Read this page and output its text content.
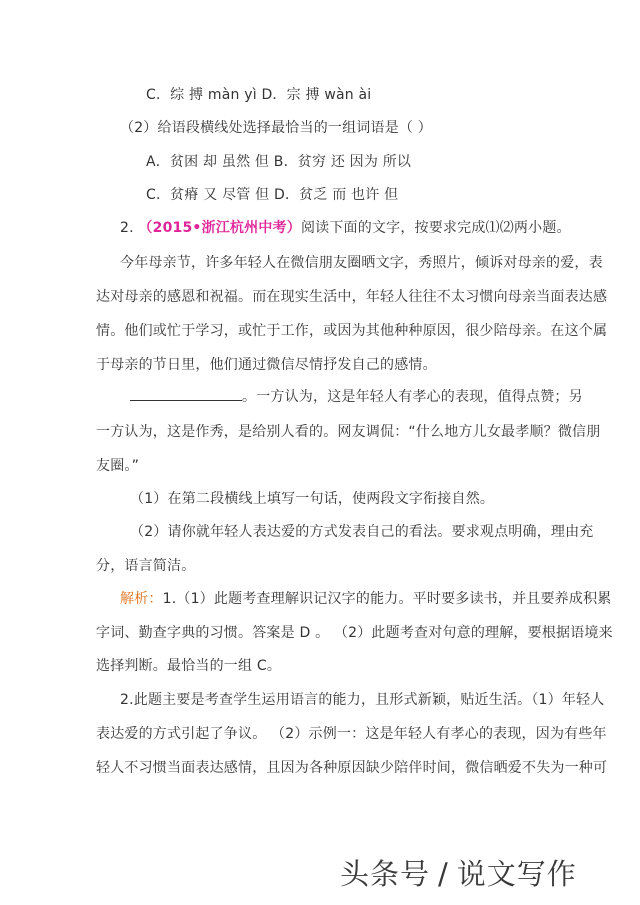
C．综 搏 màn yì D．宗 搏 wàn ài
（2）给语段横线处选择最恰当的一组词语是（ ）
A．贫困 却 虽然 但 B．贫穷 还 因为 所以
C．贫瘠 又 尽管 但 D．贫乏 而 也许 但
2. （2015•浙江杭州中考）阅读下面的文字，按要求完成⑴⑵两小题。
今年母亲节，许多年轻人在微信朋友圈晒文字，秀照片，倾诉对母亲的爱，表
达对母亲的感恩和祝福。而在现实生活中，年轻人往往不太习惯向母亲当面表达感
情。他们或忙于学习，或忙于工作，或因为其他种种原因，很少陪母亲。在这个属
于母亲的节日里，他们通过微信尽情抒发自己的感情。
。一方认为，这是年轻人有孝心的表现，值得点赞；另
一方认为，这是作秀，是给别人看的。网友调侃：“什么地方儿女最孝顺？微信朋
友圈。”
（1）在第二段横线上填写一句话，使两段文字衔接自然。
（2）请你就年轻人表达爱的方式发表自己的看法。要求观点明确，理由充
分，语言简洁。
解析：1.（1）此题考查理解识记汉字的能力。平时要多读书，并且要养成积累
字词、勤查字典的习惯。答案是 D 。 （2）此题考查对句意的理解，要根据语境来
选择判断。最恰当的一组 C。
2.此题主要是考查学生运用语言的能力，且形式新颖，贴近生活。（1）年轻人
表达爱的方式引起了争议。 （2）示例一：这是年轻人有孝心的表现，因为有些年
轻人不习惯当面表达感情，且因为各种原因缺少陪伴时间，微信晒爱不失为一种可
头条号 / 说文写作
